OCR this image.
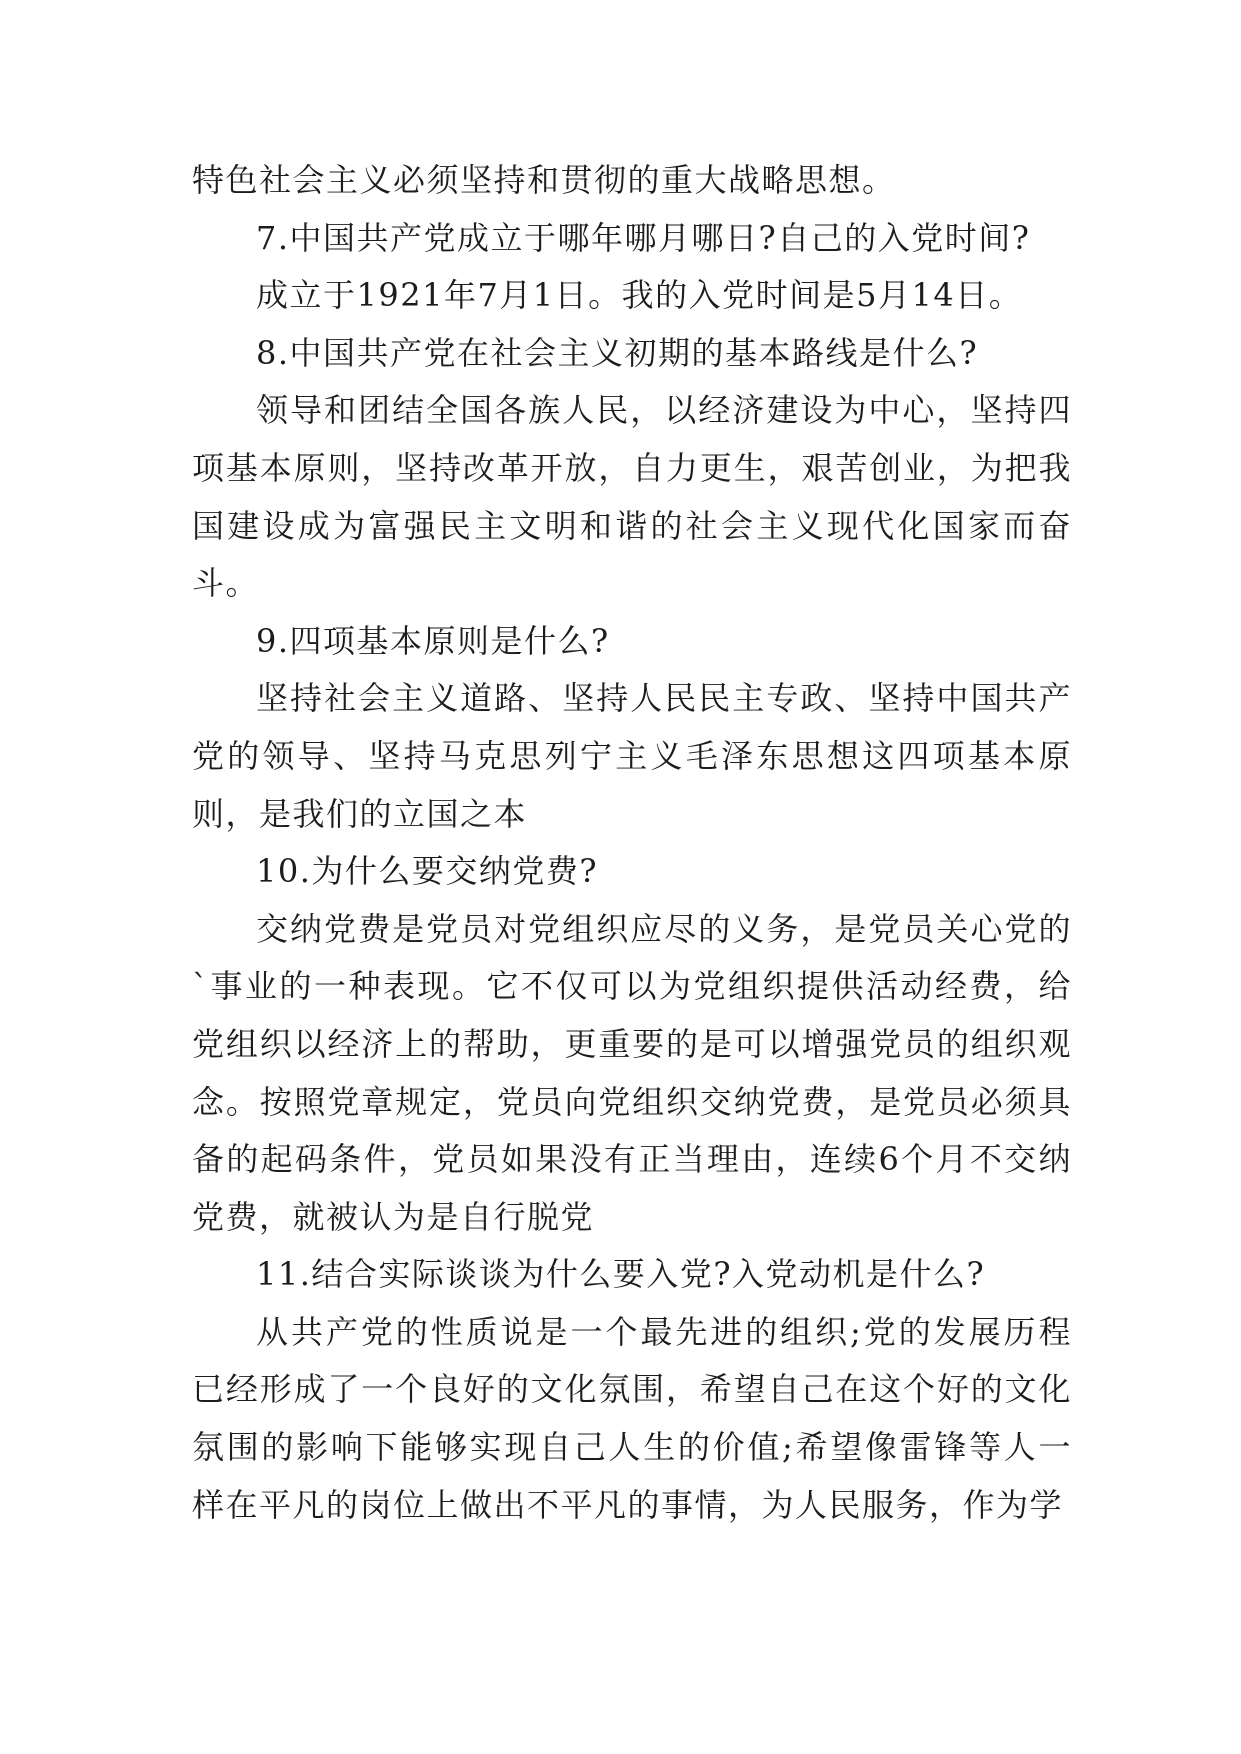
特色社会主义必须坚持和贯彻的重大战略思想。

7.中国共产党成立于哪年哪月哪日?自己的入党时间?

成立于1921年7月1日。我的入党时间是5月14日。

8.中国共产党在社会主义初期的基本路线是什么?

领导和团结全国各族人民，以经济建设为中心，坚持四项基本原则，坚持改革开放，自力更生，艰苦创业，为把我国建设成为富强民主文明和谐的社会主义现代化国家而奋斗。

9.四项基本原则是什么?

坚持社会主义道路、坚持人民民主专政、坚持中国共产党的领导、坚持马克思列宁主义毛泽东思想这四项基本原则，是我们的立国之本

10.为什么要交纳党费?

交纳党费是党员对党组织应尽的义务，是党员关心党的`事业的一种表现。它不仅可以为党组织提供活动经费，给党组织以经济上的帮助，更重要的是可以增强党员的组织观念。按照党章规定，党员向党组织交纳党费，是党员必须具备的起码条件，党员如果没有正当理由，连续6个月不交纳党费，就被认为是自行脱党

11.结合实际谈谈为什么要入党?入党动机是什么?

从共产党的性质说是一个最先进的组织;党的发展历程已经形成了一个良好的文化氛围，希望自己在这个好的文化氛围的影响下能够实现自己人生的价值;希望像雷锋等人一样在平凡的岗位上做出不平凡的事情，为人民服务，作为学
